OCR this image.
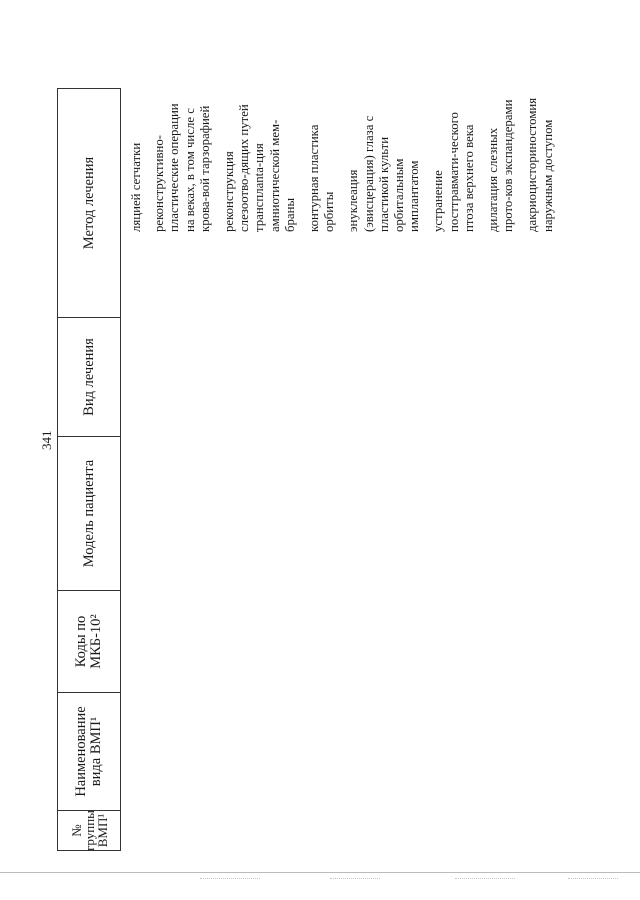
341
№ группы ВМП¹
Наименование вида ВМП¹
Коды по МКБ-10²
Модель пациента
Вид лечения
Метод лечения	ляцией сетчатки реконструктивно-пластические операции на веках, в том числе с крова-вой тарзорафией реконструкция слезоотво-дящих путей трансплanta-ция амниотической мем-браны контурная пластика орбиты энуклеация (эвисцерация) глаза с пластикой культи орбитальным имплантатом устранение посттравмати-ческого птоза верхнего века дилатация слезных прото-ков экспандерами дакриоцисториностомия наружным доступом
